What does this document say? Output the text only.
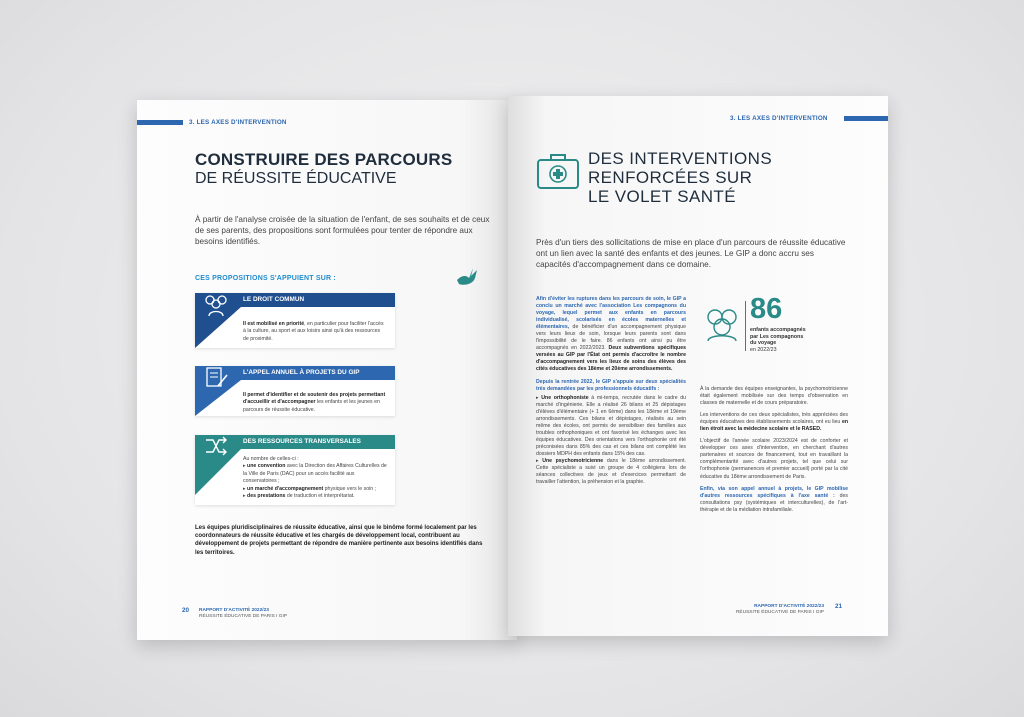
3. LES AXES D'INTERVENTION
CONSTRUIRE DES PARCOURS
DE RÉUSSITE ÉDUCATIVE
À partir de l'analyse croisée de la situation de l'enfant, de ses souhaits et de ceux de ses parents, des propositions sont formulées pour tenter de répondre aux besoins identifiés.
CES PROPOSITIONS S'APPUIENT SUR :
LE DROIT COMMUN
Il est mobilisé en priorité, en particulier pour faciliter l'accès à la culture, au sport et aux loisirs ainsi qu'à des ressources de proximité.
L'APPEL ANNUEL À PROJETS DU GIP
Il permet d'identifier et de soutenir des projets permettant d'accueillir et d'accompagner les enfants et les jeunes en parcours de réussite éducative.
DES RESSOURCES TRANSVERSALES
Au nombre de celles-ci :
▸ une convention avec la Direction des Affaires Culturelles de la Ville de Paris (DAC) pour un accès facilité aux conservatoires ;
▸ un marché d'accompagnement physique vers le soin ;
▸ des prestations de traduction et interprétariat.
Les équipes pluridisciplinaires de réussite éducative, ainsi que le binôme formé localement par les coordonnateurs de réussite éducative et les chargés de développement local, contribuent au développement de projets permettant de répondre de manière pertinente aux besoins identifiés dans les territoires.
20 RAPPORT D'ACTIVITÉ 2022/23
RÉUSSITE ÉDUCATIVE DE PARIS I GIP
3. LES AXES D'INTERVENTION
DES INTERVENTIONS
RENFORCÉES SUR
LE VOLET SANTÉ
Près d'un tiers des sollicitations de mise en place d'un parcours de réussite éducative ont un lien avec la santé des enfants et des jeunes. Le GIP a donc accru ses capacités d'accompagnement dans ce domaine.

Afin d'éviter les ruptures dans les parcours de soin, le GIP a conclu un marché avec l'association Les compagnons du voyage, lequel permet aux enfants en parcours individualisé, scolarisés en écoles maternelles et élémentaires, de bénéficier d'un accompagnement physique vers leurs lieux de soin, lorsque leurs parents sont dans l'impossibilité de le faire. 86 enfants ont ainsi pu être accompagnés en 2022/2023. Deux subventions spécifiques versées au GIP par l'État ont permis d'accroître le nombre d'accompagnement vers les lieux de soins des élèves des cités éducatives des 18ème et 20ème arrondissements.

Depuis la rentrée 2022, le GIP s'appuie sur deux spécialités très demandées par les professionnels éducatifs :

▸ Une orthophoniste à mi-temps, recrutée dans le cadre du marché d'ingénierie. Elle a réalisé 26 bilans et 25 dépistages d'élèves d'élémentaire (+ 1 en 6ème) dans les 18ème et 19ème arrondissements. Ces bilans et dépistages, réalisés au sein même des écoles, ont permis de sensibiliser des familles aux troubles orthophoniques et ont favorisé les échanges avec les équipes éducatives. Des orientations vers l'orthophonie ont été préconisées dans 85% des cas et ces bilans ont complété les dossiers MDPH des enfants dans 15% des cas.
▸ Une psychomotricienne dans le 18ème arrondissement. Cette spécialiste a suivi un groupe de 4 collégiens lors de séances collectives de jeux et d'exercices permettant de travailler l'attention, la préhension et la graphie.
86
enfants accompagnés
par Les compagnons
du voyage
en 2022/23

À la demande des équipes enseignantes, la psychomotricienne était également mobilisée sur des temps d'observation en classes de maternelle et de cours préparatoire.

Les interventions de ces deux spécialistes, très appréciées des équipes éducatives des établissements scolaires, ont eu lieu en lien étroit avec la médecine scolaire et le RASED.

L'objectif de l'année scolaire 2023/2024 est de conforter et développer ces axes d'intervention, en cherchant d'autres partenaires et sources de financement, tout en travaillant la complémentarité avec d'autres projets, tel que celui sur l'orthophonie (permanences et premier accueil) porté par la cité éducative du 18ème arrondissement de Paris.

Enfin, via son appel annuel à projets, le GIP mobilise d'autres ressources spécifiques à l'axe santé : des consultations psy (systémiques et interculturelles), de l'art-thérapie et de la médiation intrafamiliale.

RAPPORT D'ACTIVITÉ 2022/23
RÉUSSITE ÉDUCATIVE DE PARIS I GIP
21
